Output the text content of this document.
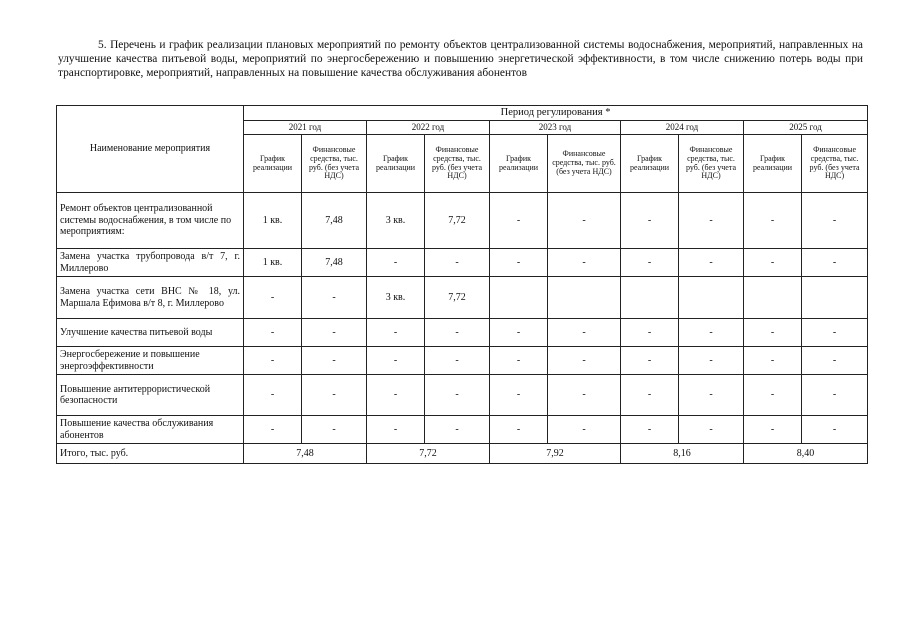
5. Перечень и график реализации плановых мероприятий по ремонту объектов централизованной системы водоснабжения, мероприятий, направленных на улучшение качества питьевой воды, мероприятий по энергосбережению и повышению энергетической эффективности, в том числе снижению потерь воды при транспортировке, мероприятий, направленных на повышение качества обслуживания абонентов
Наименование мероприятия	Период регулирования *									
	2021 год		2022 год		2023 год		2024 год		2025 год	
	График реализации	Финансовые средства, тыс. руб. (без учета НДС)	График реализации	Финансовые средства, тыс. руб. (без учета НДС)	График реализации	Финансовые средства, тыс. руб. (без учета НДС)	График реализации	Финансовые средства, тыс. руб. (без учета НДС)	График реализации	Финансовые средства, тыс. руб. (без учета НДС)
Ремонт объектов централизованной системы водоснабжения, в том числе по мероприятиям:	1 кв.	7,48	3 кв.	7,72	-	-	-	-	-	-
Замена участка трубопровода в/т 7, г. Миллерово	1 кв.	7,48	-	-	-	-	-	-	-	-
Замена участка сети ВНС № 18, ул. Маршала Ефимова в/т 8, г. Миллерово	-	-	3 кв.	7,72						
Улучшение качества питьевой воды	-	-	-	-	-	-	-	-	-	-
Энергосбережение и повышение энергоэффективности	-	-	-	-	-	-	-	-	-	-
Повышение антитеррористической безопасности	-	-	-	-	-	-	-	-	-	-
Повышение качества обслуживания абонентов	-	-	-	-	-	-	-	-	-	-
Итого, тыс. руб.	7,48		7,72		7,92		8,16		8,40	
